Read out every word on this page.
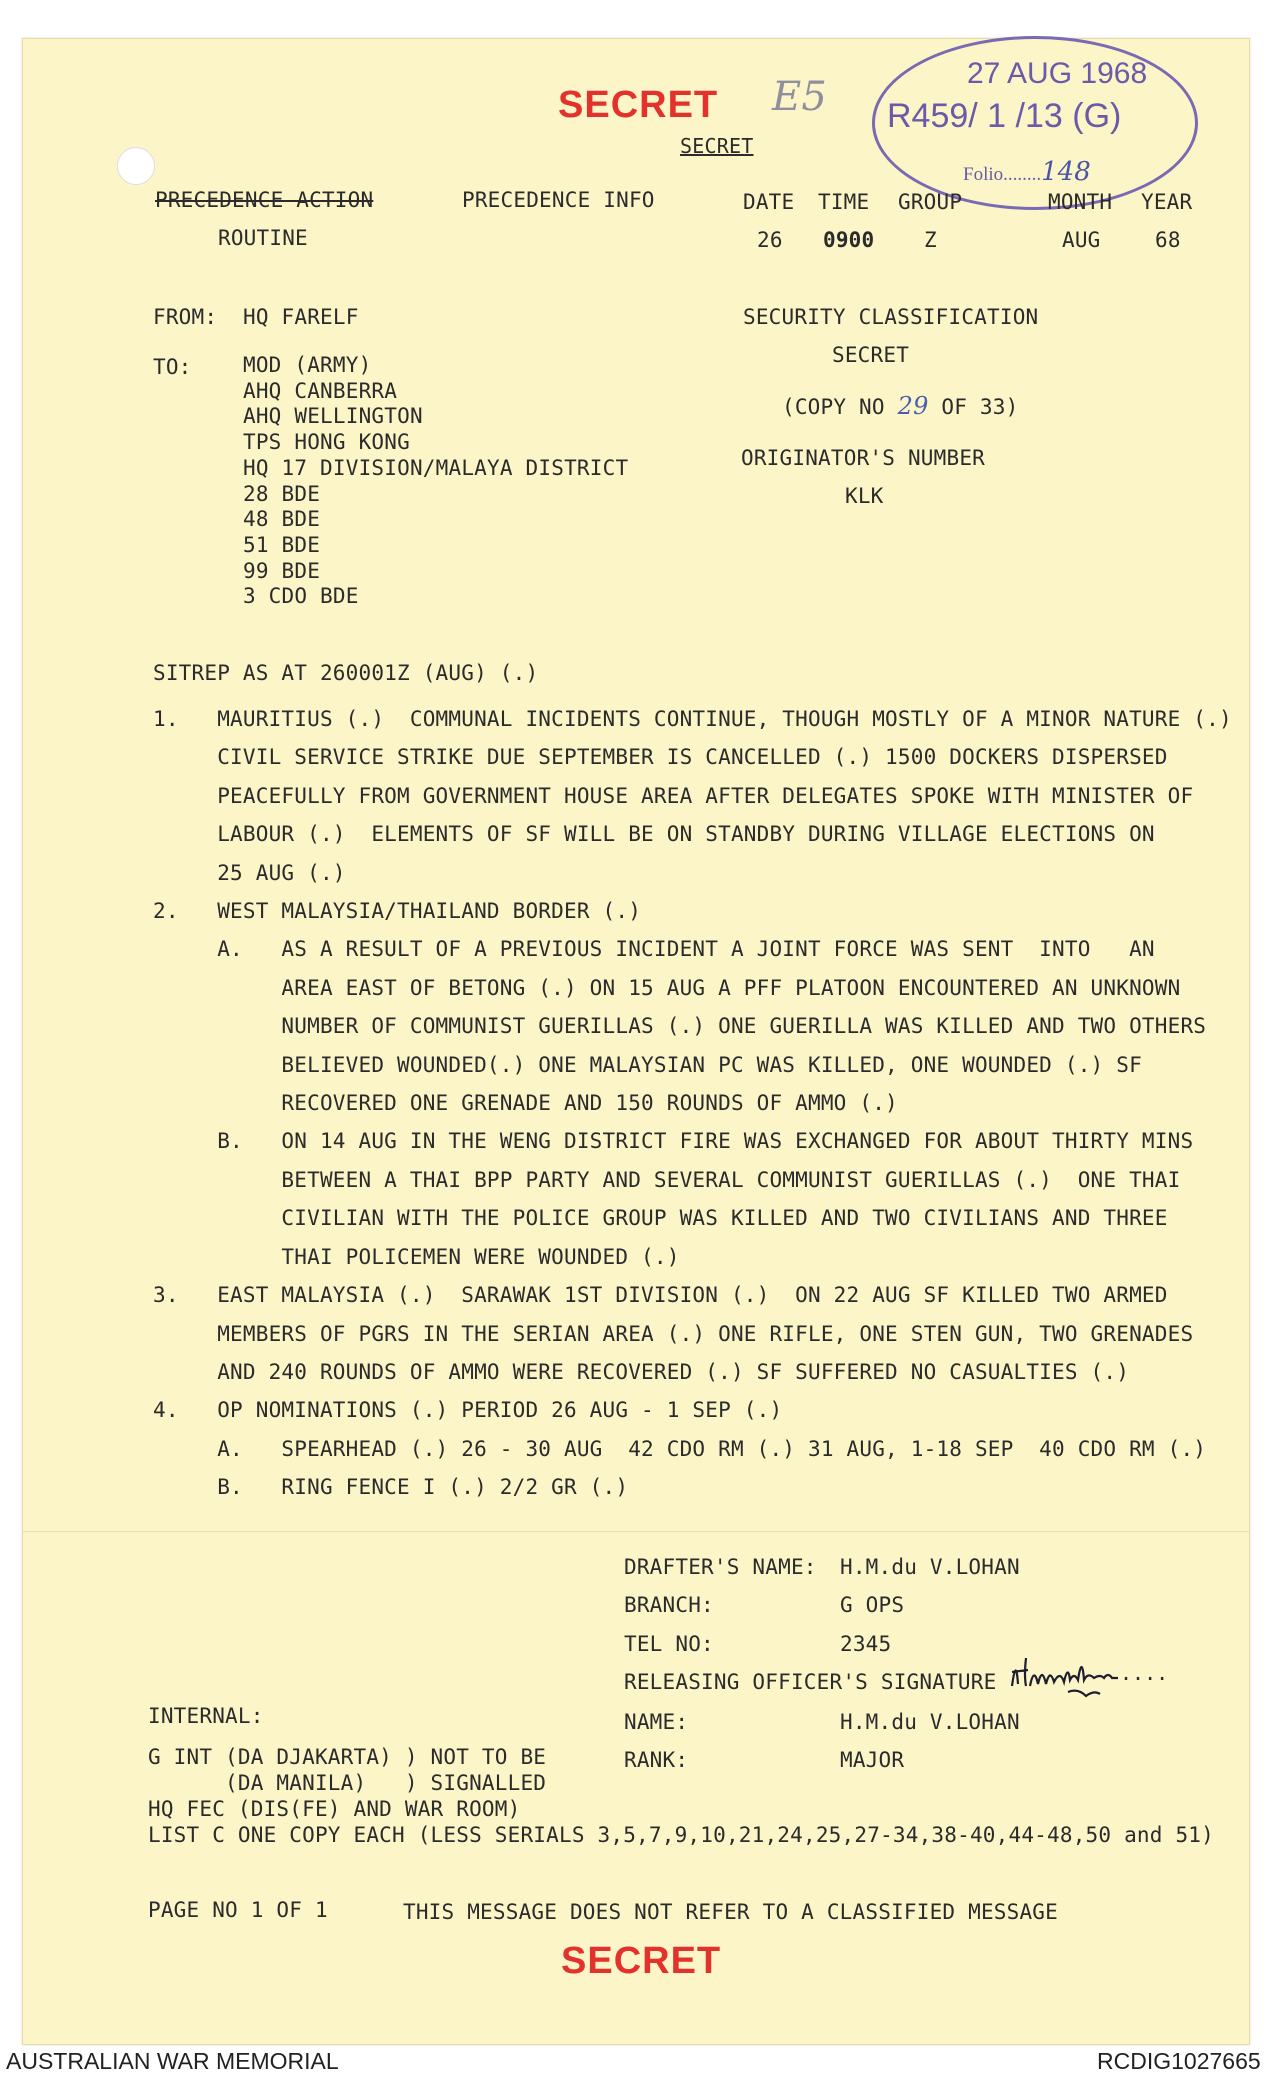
SECRET
SECRET
E5
27 AUG 1968
R459/ 1 /13 (G)
Folio........148
PRECEDENCE ACTION	PRECEDENCE INFO
ROUTINE
DATE TIME GROUP	MONTH YEAR
26 0900 Z	AUG	68
FROM: HQ FARELF
TO: MOD (ARMY)
AHQ CANBERRA
AHQ WELLINGTON
TPS HONG KONG
HQ 17 DIVISION/MALAYA DISTRICT
28 BDE
48 BDE
51 BDE
99 BDE
3 CDO BDE
SECURITY CLASSIFICATION
SECRET
(COPY NO 29 OF 33)
ORIGINATOR'S NUMBER
KLK
SITREP AS AT 260001Z (AUG) (.)
1.   MAURITIUS (.)  COMMUNAL INCIDENTS CONTINUE, THOUGH MOSTLY OF A MINOR NATURE (.)
CIVIL SERVICE STRIKE DUE SEPTEMBER IS CANCELLED (.) 1500 DOCKERS DISPERSED
PEACEFULLY FROM GOVERNMENT HOUSE AREA AFTER DELEGATES SPOKE WITH MINISTER OF
LABOUR (.)  ELEMENTS OF SF WILL BE ON STANDBY DURING VILLAGE ELECTIONS ON
25 AUG (.)
2.   WEST MALAYSIA/THAILAND BORDER (.)
A.   AS A RESULT OF A PREVIOUS INCIDENT A JOINT FORCE WAS SENT  INTO   AN
AREA EAST OF BETONG (.) ON 15 AUG A PFF PLATOON ENCOUNTERED AN UNKNOWN
NUMBER OF COMMUNIST GUERILLAS (.) ONE GUERILLA WAS KILLED AND TWO OTHERS
BELIEVED WOUNDED(.) ONE MALAYSIAN PC WAS KILLED, ONE WOUNDED (.) SF
RECOVERED ONE GRENADE AND 150 ROUNDS OF AMMO (.)
B.   ON 14 AUG IN THE WENG DISTRICT FIRE WAS EXCHANGED FOR ABOUT THIRTY MINS
BETWEEN A THAI BPP PARTY AND SEVERAL COMMUNIST GUERILLAS (.)  ONE THAI
CIVILIAN WITH THE POLICE GROUP WAS KILLED AND TWO CIVILIANS AND THREE
THAI POLICEMEN WERE WOUNDED (.)
3.   EAST MALAYSIA (.)  SARAWAK 1ST DIVISION (.)  ON 22 AUG SF KILLED TWO ARMED
MEMBERS OF PGRS IN THE SERIAN AREA (.) ONE RIFLE, ONE STEN GUN, TWO GRENADES
AND 240 ROUNDS OF AMMO WERE RECOVERED (.) SF SUFFERED NO CASUALTIES (.)
4.   OP NOMINATIONS (.) PERIOD 26 AUG - 1 SEP (.)
A.   SPEARHEAD (.) 26 - 30 AUG  42 CDO RM (.) 31 AUG, 1-18 SEP  40 CDO RM (.)
B.   RING FENCE I (.) 2/2 GR (.)
DRAFTER'S NAME: H.M.du V.LOHAN
BRANCH:	G OPS
TEL NO:	2345
RELEASING OFFICER'S SIGNATURE	....
NAME:	H.M.du V.LOHAN
RANK:	MAJOR
INTERNAL:
G INT (DA DJAKARTA) ) NOT TO BE
(DA MANILA)   ) SIGNALLED
HQ FEC (DIS(FE) AND WAR ROOM)
LIST C ONE COPY EACH (LESS SERIALS 3,5,7,9,10,21,24,25,27-34,38-40,44-48,50 and 51)
PAGE NO 1 OF 1	THIS MESSAGE DOES NOT REFER TO A CLASSIFIED MESSAGE
SECRET
AUSTRALIAN WAR MEMORIAL	RCDIG1027665
